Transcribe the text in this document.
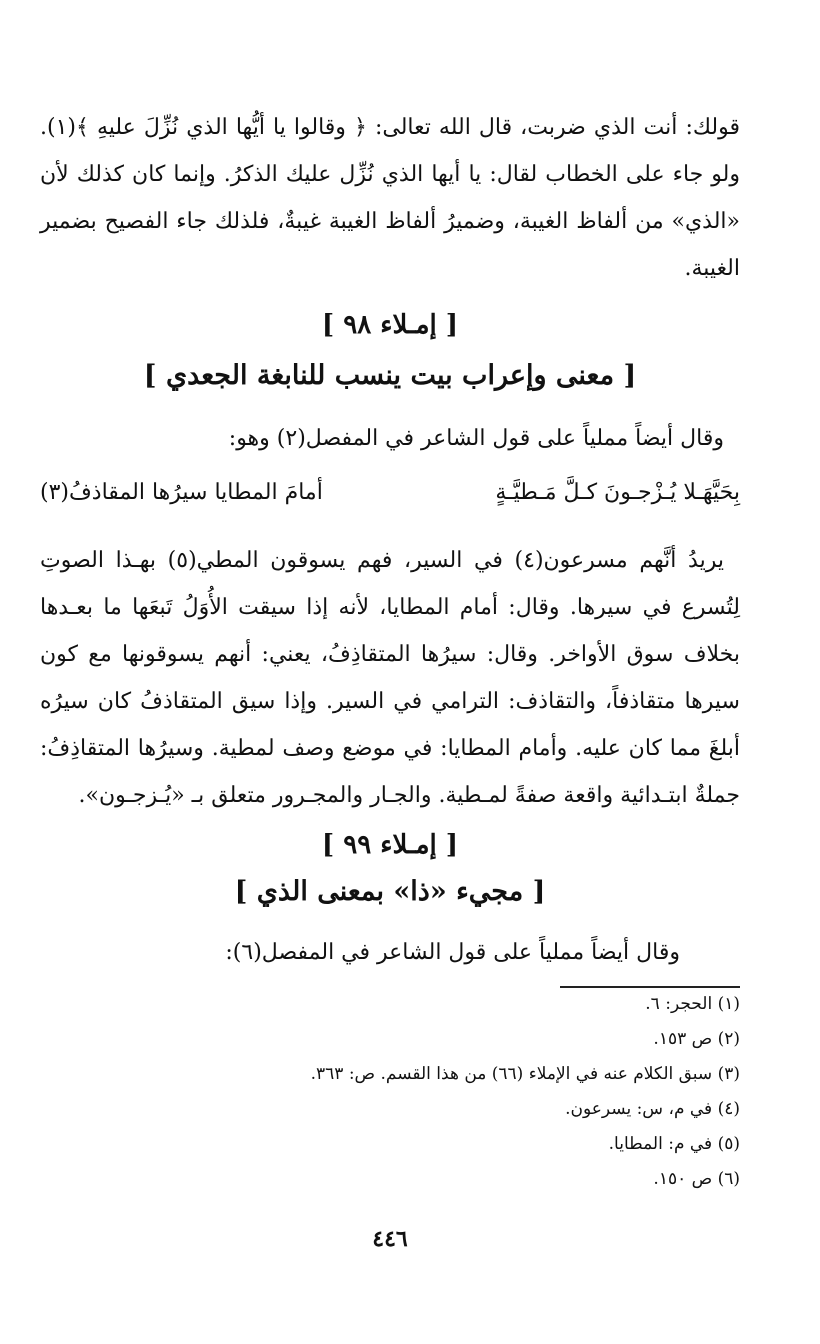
قولك: أنت الذي ضربت، قال الله تعالى: ﴿ وقالوا يا أيُّها الذي نُزِّلَ عليهِ ﴾(١). ولو جاء على الخطاب لقال: يا أيها الذي نُزِّل عليك الذكرُ. وإنما كان كذلك لأن «الذي» من ألفاظ الغيبة، وضميرُ ألفاظ الغيبة غيبةٌ، فلذلك جاء الفصيح بضمير الغيبة.
[ إمـلاء ٩٨ ]
[ معنى وإعراب بيت ينسب للنابغة الجعدي ]
وقال أيضاً مملياً على قول الشاعر في المفصل(٢) وهو:
بِحَيَّهَـلا يُـزْجـونَ كـلَّ مَـطيَّـةٍ
أمامَ المطايا سيرُها المقاذفُ(٣)
يريدُ أنَّهم مسرعون(٤) في السير، فهم يسوقون المطي(٥) بهـذا الصوتِ لِتُسرع في سيرها. وقال: أمام المطايا، لأنه إذا سيقت الأُوَلُ تَبعَها ما بعـدها بخلاف سوق الأواخر. وقال: سيرُها المتقاذِفُ، يعني: أنهم يسوقونها مع كون سيرها متقاذفاً، والتقاذف: الترامي في السير. وإذا سيق المتقاذفُ كان سيرُه أبلغَ مما كان عليه. وأمام المطايا: في موضع وصف لمطية. وسيرُها المتقاذِفُ: جملةٌ ابتـدائية واقعة صفةً لمـطية. والجـار والمجـرور متعلق بـ «يُـزجـون».
[ إمـلاء ٩٩ ]
[ مجيء «ذا» بمعنى الذي ]
وقال أيضاً مملياً على قول الشاعر في المفصل(٦):
(١) الحجر: ٦.
(٢) ص ١٥٣.
(٣) سبق الكلام عنه في الإملاء (٦٦) من هذا القسم. ص: ٣٦٣.
(٤) في م، س: يسرعون.
(٥) في م: المطايا.
(٦) ص ١٥٠.
٤٤٦
